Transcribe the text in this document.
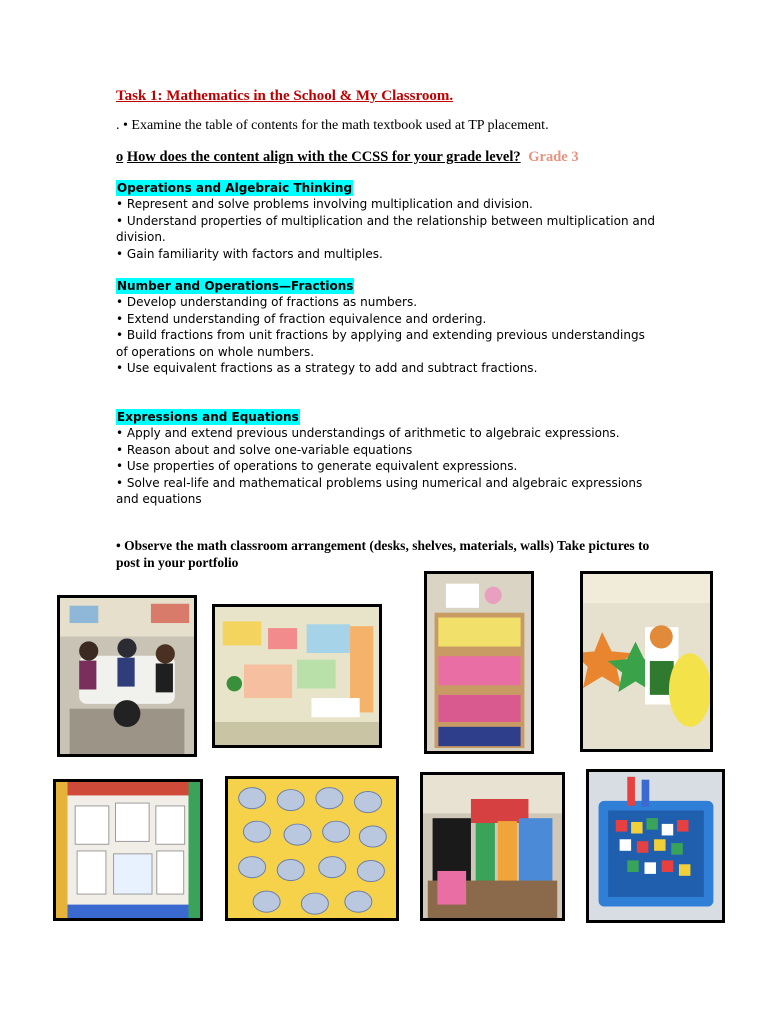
Task 1: Mathematics in the School & My Classroom.
. • Examine the table of contents for the math textbook used at TP placement.
o How does the content align with the CCSS for your grade level? Grade 3
Operations and Algebraic Thinking
• Represent and solve problems involving multiplication and division.
• Understand properties of multiplication and the relationship between multiplication and division.
• Gain familiarity with factors and multiples.
Number and Operations—Fractions
• Develop understanding of fractions as numbers.
• Extend understanding of fraction equivalence and ordering.
• Build fractions from unit fractions by applying and extending previous understandings of operations on whole numbers.
• Use equivalent fractions as a strategy to add and subtract fractions.
Expressions and Equations
• Apply and extend previous understandings of arithmetic to algebraic expressions.
• Reason about and solve one-variable equations
• Use properties of operations to generate equivalent expressions.
• Solve real-life and mathematical problems using numerical and algebraic expressions and equations
• Observe the math classroom arrangement (desks, shelves, materials, walls) Take pictures to post in your portfolio
